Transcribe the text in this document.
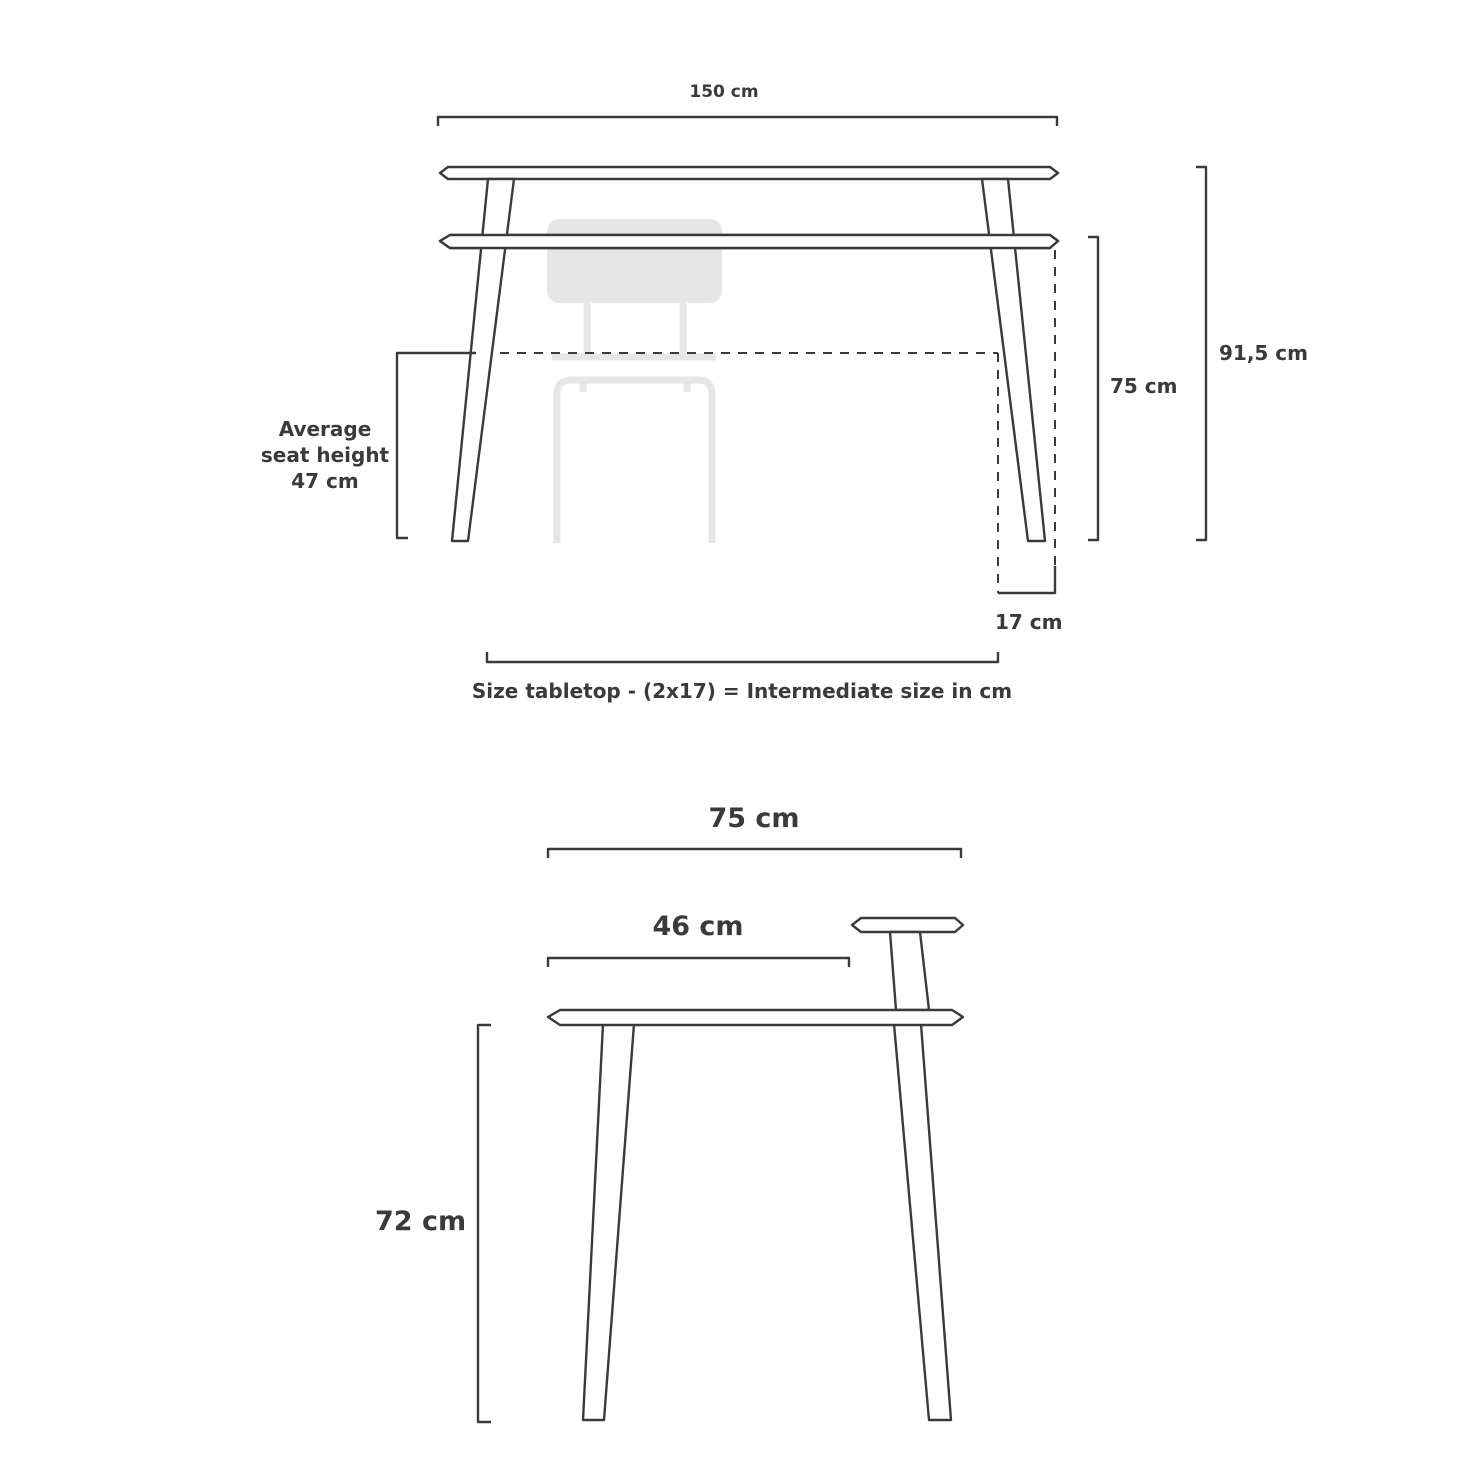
150 cm
91,5 cm
75 cm
Average
seat height
47 cm
17 cm
Size tabletop - (2x17) = Intermediate size in cm
75 cm
46 cm
72 cm
